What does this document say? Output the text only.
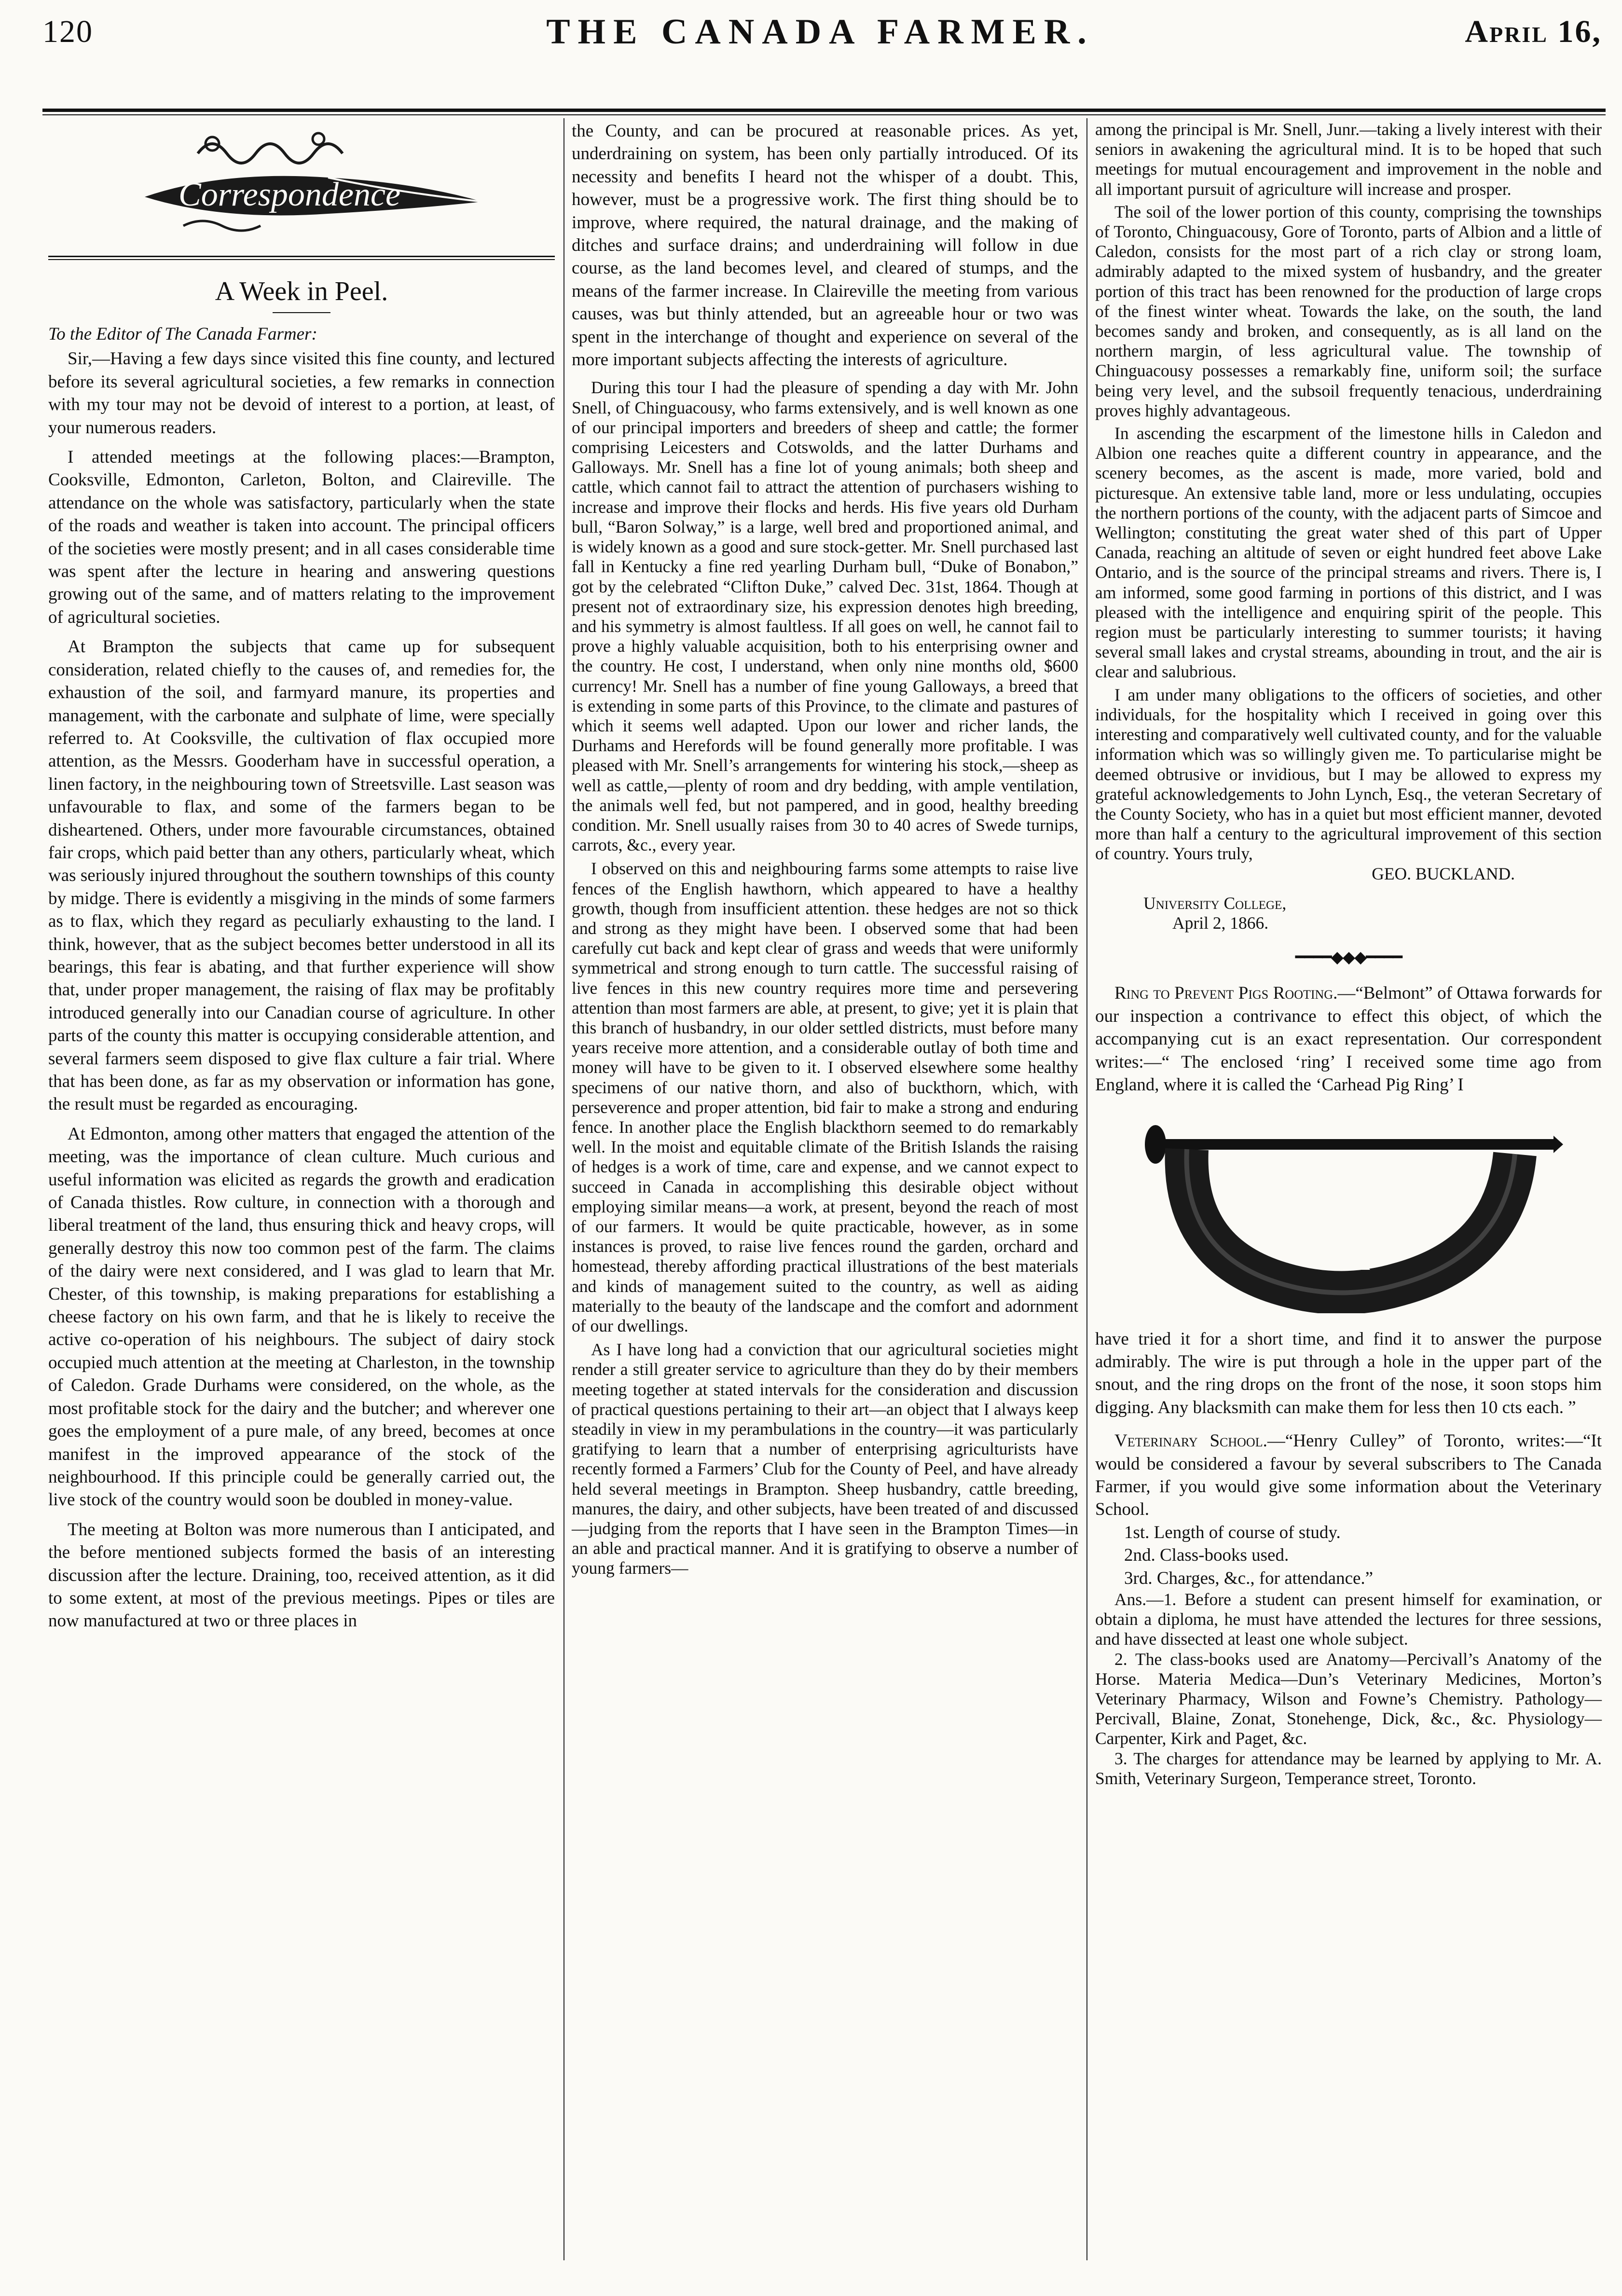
120	THE CANADA FARMER.	April 16,
Correspondence
A Week in Peel.

To the Editor of The Canada Farmer:

Sir,—Having a few days since visited this fine county, and lectured before its several agricultural societies, a few remarks in connection with my tour may not be devoid of interest to a portion, at least, of your numerous readers.

I attended meetings at the following places:—Brampton, Cooksville, Edmonton, Carleton, Bolton, and Claireville. The attendance on the whole was satisfactory, particularly when the state of the roads and weather is taken into account. The principal officers of the societies were mostly present; and in all cases considerable time was spent after the lecture in hearing and answering questions growing out of the same, and of matters relating to the improvement of agricultural societies.

At Brampton the subjects that came up for subsequent consideration, related chiefly to the causes of, and remedies for, the exhaustion of the soil, and farmyard manure, its properties and management, with the carbonate and sulphate of lime, were specially referred to. At Cooksville, the cultivation of flax occupied more attention, as the Messrs. Gooderham have in successful operation, a linen factory, in the neighbouring town of Streetsville. Last season was unfavourable to flax, and some of the farmers began to be disheartened. Others, under more favourable circumstances, obtained fair crops, which paid better than any others, particularly wheat, which was seriously injured throughout the southern townships of this county by midge. There is evidently a misgiving in the minds of some farmers as to flax, which they regard as peculiarly exhausting to the land. I think, however, that as the subject becomes better understood in all its bearings, this fear is abating, and that further experience will show that, under proper management, the raising of flax may be profitably introduced generally into our Canadian course of agriculture. In other parts of the county this matter is occupying considerable attention, and several farmers seem disposed to give flax culture a fair trial. Where that has been done, as far as my observation or information has gone, the result must be regarded as encouraging.

At Edmonton, among other matters that engaged the attention of the meeting, was the importance of clean culture. Much curious and useful information was elicited as regards the growth and eradication of Canada thistles. Row culture, in connection with a thorough and liberal treatment of the land, thus ensuring thick and heavy crops, will generally destroy this now too common pest of the farm. The claims of the dairy were next considered, and I was glad to learn that Mr. Chester, of this township, is making preparations for establishing a cheese factory on his own farm, and that he is likely to receive the active co-operation of his neighbours. The subject of dairy stock occupied much attention at the meeting at Charleston, in the township of Caledon. Grade Durhams were considered, on the whole, as the most profitable stock for the dairy and the butcher; and wherever one goes the employment of a pure male, of any breed, becomes at once manifest in the improved appearance of the stock of the neighbourhood. If this principle could be generally carried out, the live stock of the country would soon be doubled in money-value.

The meeting at Bolton was more numerous than I anticipated, and the before mentioned subjects formed the basis of an interesting discussion after the lecture. Draining, too, received attention, as it did to some extent, at most of the previous meetings. Pipes or tiles are now manufactured at two or three places in

the County, and can be procured at reasonable prices. As yet, underdraining on system, has been only partially introduced. Of its necessity and benefits I heard not the whisper of a doubt. This, however, must be a progressive work. The first thing should be to improve, where required, the natural drainage, and the making of ditches and surface drains; and underdraining will follow in due course, as the land becomes level, and cleared of stumps, and the means of the farmer increase. In Claireville the meeting from various causes, was but thinly attended, but an agreeable hour or two was spent in the interchange of thought and experience on several of the more important subjects affecting the interests of agriculture.

During this tour I had the pleasure of spending a day with Mr. John Snell, of Chinguacousy, who farms extensively, and is well known as one of our principal importers and breeders of sheep and cattle; the former comprising Leicesters and Cotswolds, and the latter Durhams and Galloways. Mr. Snell has a fine lot of young animals; both sheep and cattle, which cannot fail to attract the attention of purchasers wishing to increase and improve their flocks and herds. His five years old Durham bull, “Baron Solway,” is a large, well bred and proportioned animal, and is widely known as a good and sure stock-getter. Mr. Snell purchased last fall in Kentucky a fine red yearling Durham bull, “Duke of Bonabon,” got by the celebrated “Clifton Duke,” calved Dec. 31st, 1864. Though at present not of extraordinary size, his expression denotes high breeding, and his symmetry is almost faultless. If all goes on well, he cannot fail to prove a highly valuable acquisition, both to his enterprising owner and the country. He cost, I understand, when only nine months old, $600 currency! Mr. Snell has a number of fine young Galloways, a breed that is extending in some parts of this Province, to the climate and pastures of which it seems well adapted. Upon our lower and richer lands, the Durhams and Herefords will be found generally more profitable. I was pleased with Mr. Snell’s arrangements for wintering his stock,—sheep as well as cattle,—plenty of room and dry bedding, with ample ventilation, the animals well fed, but not pampered, and in good, healthy breeding condition. Mr. Snell usually raises from 30 to 40 acres of Swede turnips, carrots, &c., every year.

I observed on this and neighbouring farms some attempts to raise live fences of the English hawthorn, which appeared to have a healthy growth, though from insufficient attention. these hedges are not so thick and strong as they might have been. I observed some that had been carefully cut back and kept clear of grass and weeds that were uniformly symmetrical and strong enough to turn cattle. The successful raising of live fences in this new country requires more time and persevering attention than most farmers are able, at present, to give; yet it is plain that this branch of husbandry, in our older settled districts, must before many years receive more attention, and a considerable outlay of both time and money will have to be given to it. I observed elsewhere some healthy specimens of our native thorn, and also of buckthorn, which, with perseverence and proper attention, bid fair to make a strong and enduring fence. In another place the English blackthorn seemed to do remarkably well. In the moist and equitable climate of the British Islands the raising of hedges is a work of time, care and expense, and we cannot expect to succeed in Canada in accomplishing this desirable object without employing similar means—a work, at present, beyond the reach of most of our farmers. It would be quite practicable, however, as in some instances is proved, to raise live fences round the garden, orchard and homestead, thereby affording practical illustrations of the best materials and kinds of management suited to the country, as well as aiding materially to the beauty of the landscape and the comfort and adornment of our dwellings.

As I have long had a conviction that our agricultural societies might render a still greater service to agriculture than they do by their members meeting together at stated intervals for the consideration and discussion of practical questions pertaining to their art—an object that I always keep steadily in view in my perambulations in the country—it was particularly gratifying to learn that a number of enterprising agriculturists have recently formed a Farmers’ Club for the County of Peel, and have already held several meetings in Brampton. Sheep husbandry, cattle breeding, manures, the dairy, and other subjects, have been treated of and discussed—judging from the reports that I have seen in the Brampton Times—in an able and practical manner. And it is gratifying to observe a number of young farmers—

among the principal is Mr. Snell, Junr.—taking a lively interest with their seniors in awakening the agricultural mind. It is to be hoped that such meetings for mutual encouragement and improvement in the noble and all important pursuit of agriculture will increase and prosper.

The soil of the lower portion of this county, comprising the townships of Toronto, Chinguacousy, Gore of Toronto, parts of Albion and a little of Caledon, consists for the most part of a rich clay or strong loam, admirably adapted to the mixed system of husbandry, and the greater portion of this tract has been renowned for the production of large crops of the finest winter wheat. Towards the lake, on the south, the land becomes sandy and broken, and consequently, as is all land on the northern margin, of less agricultural value. The township of Chinguacousy possesses a remarkably fine, uniform soil; the surface being very level, and the subsoil frequently tenacious, underdraining proves highly advantageous.

In ascending the escarpment of the limestone hills in Caledon and Albion one reaches quite a different country in appearance, and the scenery becomes, as the ascent is made, more varied, bold and picturesque. An extensive table land, more or less undulating, occupies the northern portions of the county, with the adjacent parts of Simcoe and Wellington; constituting the great water shed of this part of Upper Canada, reaching an altitude of seven or eight hundred feet above Lake Ontario, and is the source of the principal streams and rivers. There is, I am informed, some good farming in portions of this district, and I was pleased with the intelligence and enquiring spirit of the people. This region must be particularly interesting to summer tourists; it having several small lakes and crystal streams, abounding in trout, and the air is clear and salubrious.

I am under many obligations to the officers of societies, and other individuals, for the hospitality which I received in going over this interesting and comparatively well cultivated county, and for the valuable information which was so willingly given me. To particularise might be deemed obtrusive or invidious, but I may be allowed to express my grateful acknowledgements to John Lynch, Esq., the veteran Secretary of the County Society, who has in a quiet but most efficient manner, devoted more than half a century to the agricultural improvement of this section of country. Yours truly,

GEO. BUCKLAND.

University College,

April 2, 1866.

━━━━◆◆◆━━━━

Ring to Prevent Pigs Rooting.—“Belmont” of Ottawa forwards for our inspection a contrivance to effect this object, of which the accompanying cut is an exact representation. Our correspondent writes:—“ The enclosed ‘ring’ I received some time ago from England, where it is called the ‘Carhead Pig Ring’ I

have tried it for a short time, and find it to answer the purpose admirably. The wire is put through a hole in the upper part of the snout, and the ring drops on the front of the nose, it soon stops him digging. Any blacksmith can make them for less then 10 cts each. ”

Veterinary School.—“Henry Culley” of Toronto, writes:—“It would be considered a favour by several subscribers to The Canada Farmer, if you would give some information about the Veterinary School.

1st. Length of course of study.

2nd. Class-books used.

3rd. Charges, &c., for attendance.”

Ans.—1. Before a student can present himself for examination, or obtain a diploma, he must have attended the lectures for three sessions, and have dissected at least one whole subject.

2. The class-books used are Anatomy—Percivall’s Anatomy of the Horse. Materia Medica—Dun’s Veterinary Medicines, Morton’s Veterinary Pharmacy, Wilson and Fowne’s Chemistry. Pathology—Percivall, Blaine, Zonat, Stonehenge, Dick, &c., &c. Physiology—Carpenter, Kirk and Paget, &c.

3. The charges for attendance may be learned by applying to Mr. A. Smith, Veterinary Surgeon, Temperance street, Toronto.
